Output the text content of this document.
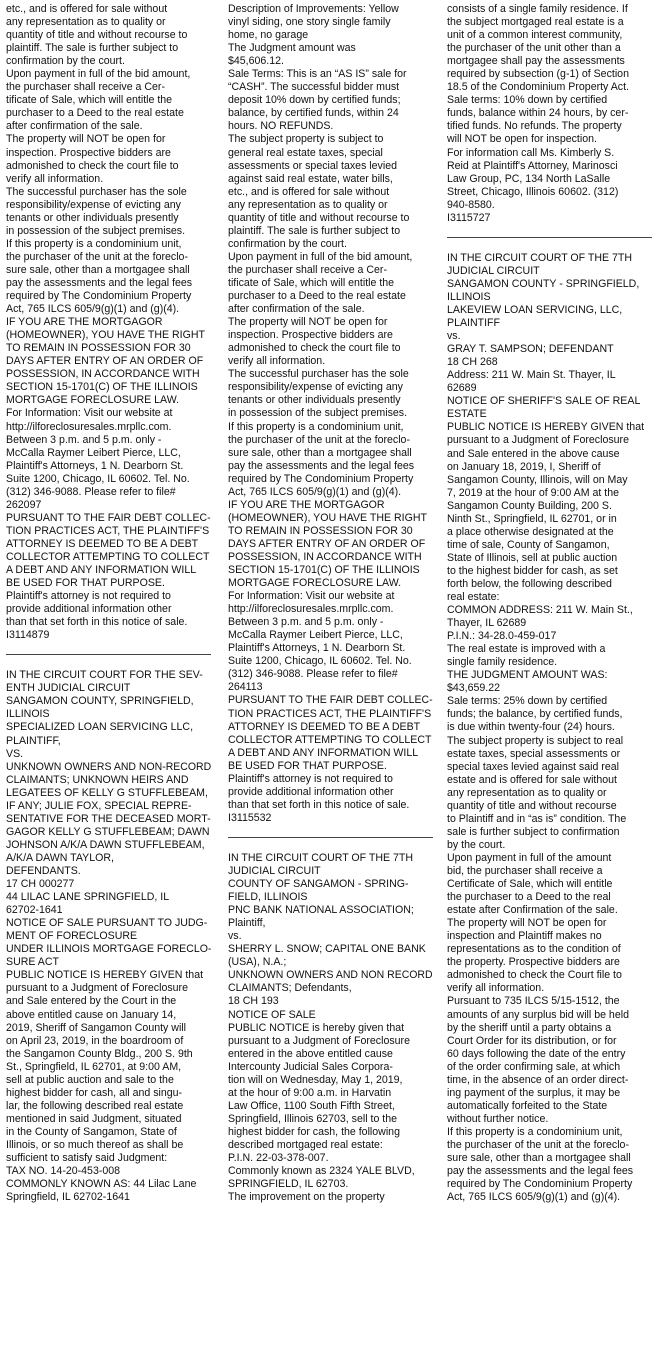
etc., and is offered for sale without
any representation as to quality or
quantity of title and without recourse to
plaintiff. The sale is further subject to
confirmation by the court.
Upon payment in full of the bid amount,
the purchaser shall receive a Cer-
tificate of Sale, which will entitle the
purchaser to a Deed to the real estate
after confirmation of the sale.
The property will NOT be open for
inspection. Prospective bidders are
admonished to check the court file to
verify all information.
The successful purchaser has the sole
responsibility/expense of evicting any
tenants or other individuals presently
in possession of the subject premises.
If this property is a condominium unit,
the purchaser of the unit at the foreclo-
sure sale, other than a mortgagee shall
pay the assessments and the legal fees
required by The Condominium Property
Act, 765 ILCS 605/9(g)(1) and (g)(4).
IF YOU ARE THE MORTGAGOR
(HOMEOWNER), YOU HAVE THE RIGHT
TO REMAIN IN POSSESSION FOR 30
DAYS AFTER ENTRY OF AN ORDER OF
POSSESSION, IN ACCORDANCE WITH
SECTION 15-1701(C) OF THE ILLINOIS
MORTGAGE FORECLOSURE LAW.
For Information: Visit our website at
http://ilforeclosuresales.mrpllc.com.
Between 3 p.m. and 5 p.m. only -
McCalla Raymer Leibert Pierce, LLC,
Plaintiff's Attorneys, 1 N. Dearborn St.
Suite 1200, Chicago, IL 60602. Tel. No.
(312) 346-9088. Please refer to file#
262097
PURSUANT TO THE FAIR DEBT COLLEC-
TION PRACTICES ACT, THE PLAINTIFF'S
ATTORNEY IS DEEMED TO BE A DEBT
COLLECTOR ATTEMPTING TO COLLECT
A DEBT AND ANY INFORMATION WILL
BE USED FOR THAT PURPOSE.
Plaintiff's attorney is not required to
provide additional information other
than that set forth in this notice of sale.
I3114879
IN THE CIRCUIT COURT FOR THE SEV-
ENTH JUDICIAL CIRCUIT
SANGAMON COUNTY, SPRINGFIELD,
ILLINOIS
SPECIALIZED LOAN SERVICING LLC,
PLAINTIFF,
VS.
UNKNOWN OWNERS AND NON-RECORD
CLAIMANTS; UNKNOWN HEIRS AND
LEGATEES OF KELLY G STUFFLEBEAM,
IF ANY; JULIE FOX, SPECIAL REPRE-
SENTATIVE FOR THE DECEASED MORT-
GAGOR KELLY G STUFFLEBEAM; DAWN
JOHNSON A/K/A DAWN STUFFLEBEAM,
A/K/A DAWN TAYLOR,
DEFENDANTS.
17 CH 000277
44 LILAC LANE SPRINGFIELD, IL
62702-1641
NOTICE OF SALE PURSUANT TO JUDG-
MENT OF FORECLOSURE
UNDER ILLINOIS MORTGAGE FORECLO-
SURE ACT
PUBLIC NOTICE IS HEREBY GIVEN that
pursuant to a Judgment of Foreclosure
and Sale entered by the Court in the
above entitled cause on January 14,
2019, Sheriff of Sangamon County will
on April 23, 2019, in the boardroom of
the Sangamon County Bldg., 200 S. 9th
St., Springfield, IL 62701, at 9:00 AM,
sell at public auction and sale to the
highest bidder for cash, all and singu-
lar, the following described real estate
mentioned in said Judgment, situated
in the County of Sangamon, State of
Illinois, or so much thereof as shall be
sufficient to satisfy said Judgment:
TAX NO. 14-20-453-008
COMMONLY KNOWN AS: 44 Lilac Lane
Springfield, IL 62702-1641
Description of Improvements: Yellow
vinyl siding, one story single family
home, no garage
The Judgment amount was
$45,606.12.
Sale Terms: This is an “AS IS” sale for
“CASH”. The successful bidder must
deposit 10% down by certified funds;
balance, by certified funds, within 24
hours. NO REFUNDS.
The subject property is subject to
general real estate taxes, special
assessments or special taxes levied
against said real estate, water bills,
etc., and is offered for sale without
any representation as to quality or
quantity of title and without recourse to
plaintiff. The sale is further subject to
confirmation by the court.
Upon payment in full of the bid amount,
the purchaser shall receive a Cer-
tificate of Sale, which will entitle the
purchaser to a Deed to the real estate
after confirmation of the sale.
The property will NOT be open for
inspection. Prospective bidders are
admonished to check the court file to
verify all information.
The successful purchaser has the sole
responsibility/expense of evicting any
tenants or other individuals presently
in possession of the subject premises.
If this property is a condominium unit,
the purchaser of the unit at the foreclo-
sure sale, other than a mortgagee shall
pay the assessments and the legal fees
required by The Condominium Property
Act, 765 ILCS 605/9(g)(1) and (g)(4).
IF YOU ARE THE MORTGAGOR
(HOMEOWNER), YOU HAVE THE RIGHT
TO REMAIN IN POSSESSION FOR 30
DAYS AFTER ENTRY OF AN ORDER OF
POSSESSION, IN ACCORDANCE WITH
SECTION 15-1701(C) OF THE ILLINOIS
MORTGAGE FORECLOSURE LAW.
For Information: Visit our website at
http://ilforeclosuresales.mrpllc.com.
Between 3 p.m. and 5 p.m. only -
McCalla Raymer Leibert Pierce, LLC,
Plaintiff's Attorneys, 1 N. Dearborn St.
Suite 1200, Chicago, IL 60602. Tel. No.
(312) 346-9088. Please refer to file#
264113
PURSUANT TO THE FAIR DEBT COLLEC-
TION PRACTICES ACT, THE PLAINTIFF'S
ATTORNEY IS DEEMED TO BE A DEBT
COLLECTOR ATTEMPTING TO COLLECT
A DEBT AND ANY INFORMATION WILL
BE USED FOR THAT PURPOSE.
Plaintiff's attorney is not required to
provide additional information other
than that set forth in this notice of sale.
I3115532
IN THE CIRCUIT COURT OF THE 7TH
JUDICIAL CIRCUIT
COUNTY OF SANGAMON - SPRING-
FIELD, ILLINOIS
PNC BANK NATIONAL ASSOCIATION;
Plaintiff,
vs.
SHERRY L. SNOW; CAPITAL ONE BANK
(USA), N.A.;
UNKNOWN OWNERS AND NON RECORD
CLAIMANTS; Defendants,
18 CH 193
NOTICE OF SALE
PUBLIC NOTICE is hereby given that
pursuant to a Judgment of Foreclosure
entered in the above entitled cause
Intercounty Judicial Sales Corpora-
tion will on Wednesday, May 1, 2019,
at the hour of 9:00 a.m. in Harvatin
Law Office, 1100 South Fifth Street,
Springfield, Illinois 62703, sell to the
highest bidder for cash, the following
described mortgaged real estate:
P.I.N. 22-03-378-007.
Commonly known as 2324 YALE BLVD,
SPRINGFIELD, IL 62703.
The improvement on the property
consists of a single family residence. If
the subject mortgaged real estate is a
unit of a common interest community,
the purchaser of the unit other than a
mortgagee shall pay the assessments
required by subsection (g-1) of Section
18.5 of the Condominium Property Act.
Sale terms: 10% down by certified
funds, balance within 24 hours, by cer-
tified funds. No refunds. The property
will NOT be open for inspection.
For information call Ms. Kimberly S.
Reid at Plaintiff's Attorney, Marinosci
Law Group, PC, 134 North LaSalle
Street, Chicago, Illinois 60602. (312)
940-8580.
I3115727
IN THE CIRCUIT COURT OF THE 7TH
JUDICIAL CIRCUIT
SANGAMON COUNTY - SPRINGFIELD,
ILLINOIS
LAKEVIEW LOAN SERVICING, LLC,
PLAINTIFF
vs.
GRAY T. SAMPSON; DEFENDANT
18 CH 268
Address: 211 W. Main St. Thayer, IL
62689
NOTICE OF SHERIFF'S SALE OF REAL
ESTATE
PUBLIC NOTICE IS HEREBY GIVEN that
pursuant to a Judgment of Foreclosure
and Sale entered in the above cause
on January 18, 2019, I, Sheriff of
Sangamon County, Illinois, will on May
7, 2019 at the hour of 9:00 AM at the
Sangamon County Building, 200 S.
Ninth St., Springfield, IL 62701, or in
a place otherwise designated at the
time of sale, County of Sangamon,
State of Illinois, sell at public auction
to the highest bidder for cash, as set
forth below, the following described
real estate:
COMMON ADDRESS: 211 W. Main St.,
Thayer, IL 62689
P.I.N.: 34-28.0-459-017
The real estate is improved with a
single family residence.
THE JUDGMENT AMOUNT WAS:
$43,659.22
Sale terms: 25% down by certified
funds; the balance, by certified funds,
is due within twenty-four (24) hours.
The subject property is subject to real
estate taxes, special assessments or
special taxes levied against said real
estate and is offered for sale without
any representation as to quality or
quantity of title and without recourse
to Plaintiff and in “as is” condition. The
sale is further subject to confirmation
by the court.
Upon payment in full of the amount
bid, the purchaser shall receive a
Certificate of Sale, which will entitle
the purchaser to a Deed to the real
estate after Confirmation of the sale.
The property will NOT be open for
inspection and Plaintiff makes no
representations as to the condition of
the property. Prospective bidders are
admonished to check the Court file to
verify all information.
Pursuant to 735 ILCS 5/15-1512, the
amounts of any surplus bid will be held
by the sheriff until a party obtains a
Court Order for its distribution, or for
60 days following the date of the entry
of the order confirming sale, at which
time, in the absence of an order direct-
ing payment of the surplus, it may be
automatically forfeited to the State
without further notice.
If this property is a condominium unit,
the purchaser of the unit at the foreclo-
sure sale, other than a mortgagee shall
pay the assessments and the legal fees
required by The Condominium Property
Act, 765 ILCS 605/9(g)(1) and (g)(4).
